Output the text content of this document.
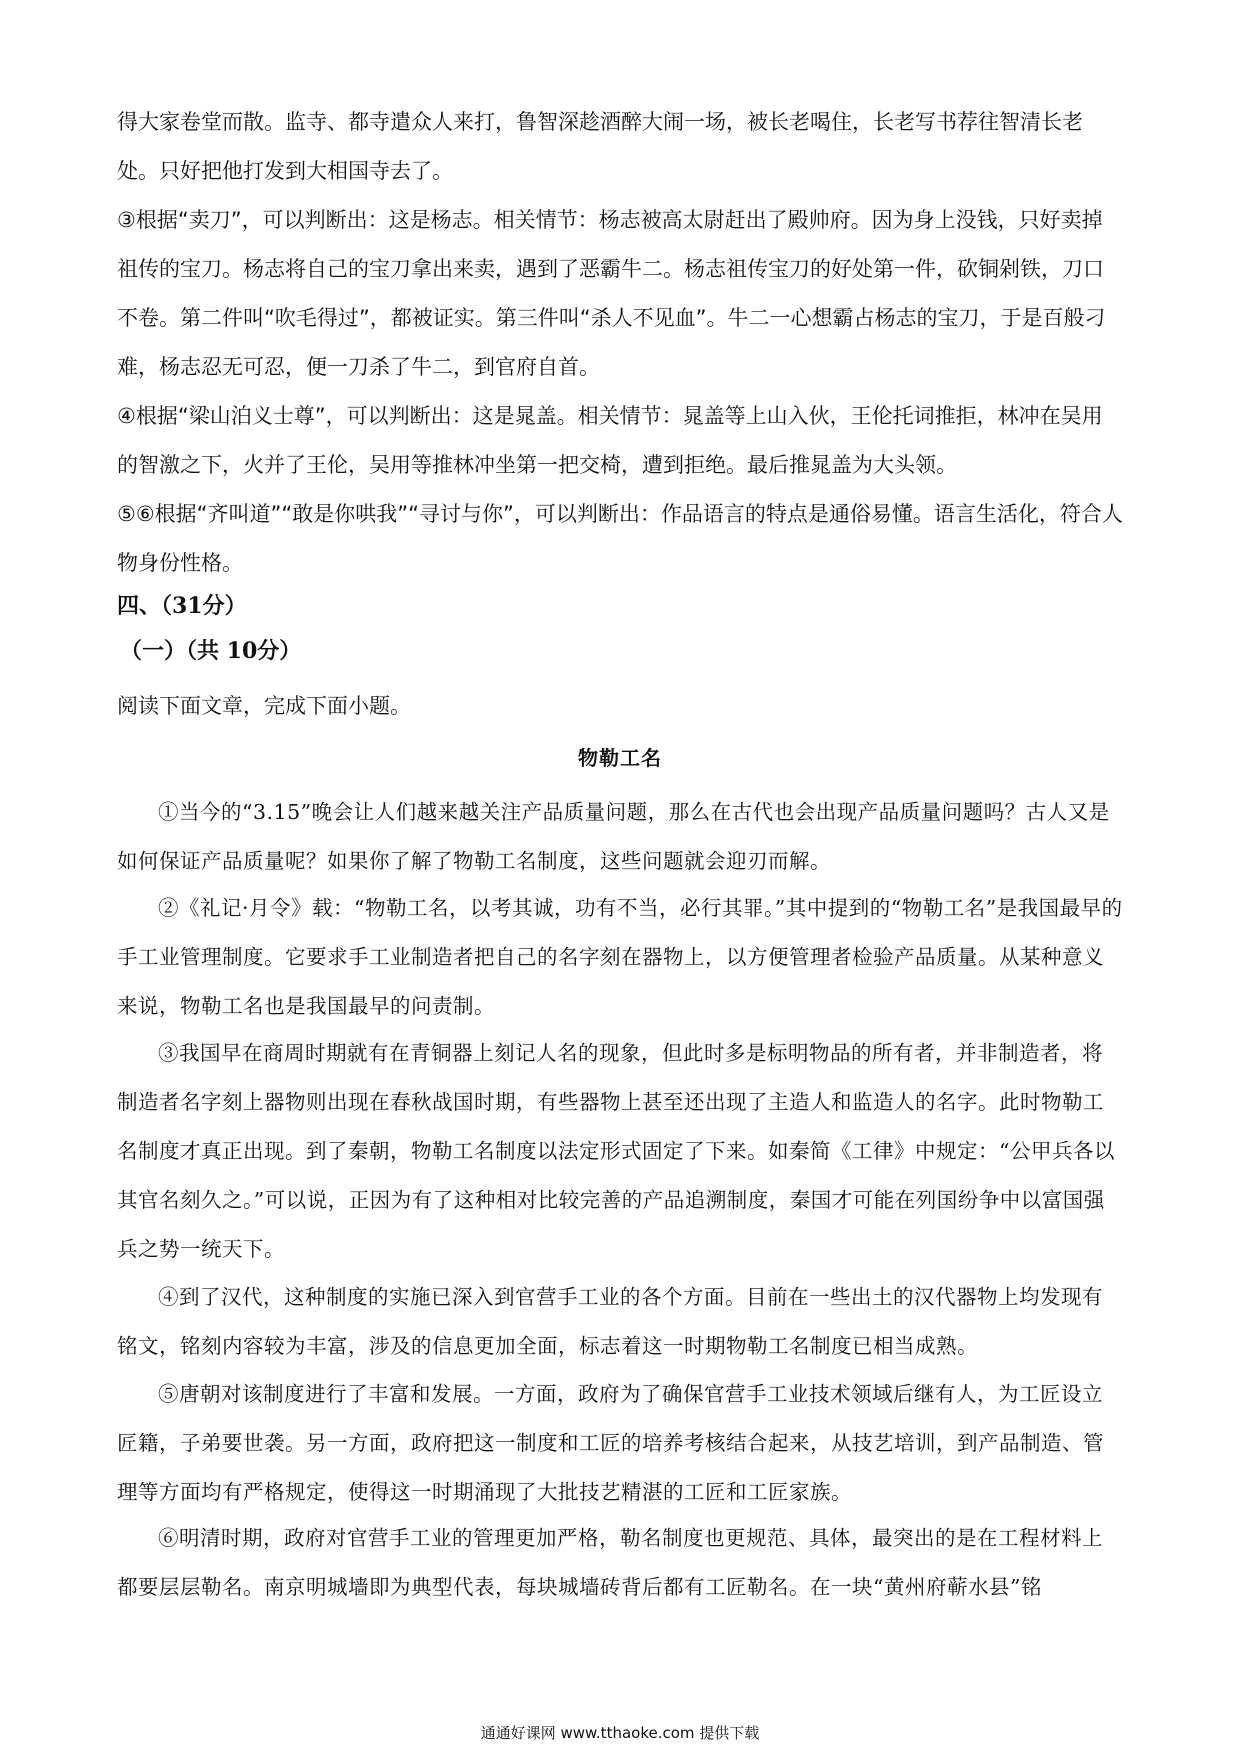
得大家卷堂而散。监寺、都寺遣众人来打，鲁智深趁酒醉大闹一场，被长老喝住，长老写书荐往智清长老处。只好把他打发到大相国寺去了。

③根据“卖刀”，可以判断出：这是杨志。相关情节：杨志被高太尉赶出了殿帅府。因为身上没钱，只好卖掉祖传的宝刀。杨志将自己的宝刀拿出来卖，遇到了恶霸牛二。杨志祖传宝刀的好处第一件，砍铜剁铁，刀口不卷。第二件叫“吹毛得过”，都被证实。第三件叫“杀人不见血”。牛二一心想霸占杨志的宝刀，于是百般刁难，杨志忍无可忍，便一刀杀了牛二，到官府自首。

④根据“梁山泊义士尊”，可以判断出：这是晁盖。相关情节：晁盖等上山入伙，王伦托词推拒，林冲在吴用的智激之下，火并了王伦，吴用等推林冲坐第一把交椅，遭到拒绝。最后推晁盖为大头领。

⑤⑥根据“齐叫道”“敢是你哄我”“寻讨与你”，可以判断出：作品语言的特点是通俗易懂。语言生活化，符合人物身份性格。

四、（31分）
（一）（共 10分）

阅读下面文章，完成下面小题。

物勒工名

①当今的“3.15”晚会让人们越来越关注产品质量问题，那么在古代也会出现产品质量问题吗？古人又是如何保证产品质量呢？如果你了解了物勒工名制度，这些问题就会迎刃而解。

②《礼记·月令》载：“物勒工名，以考其诚，功有不当，必行其罪。”其中提到的“物勒工名”是我国最早的手工业管理制度。它要求手工业制造者把自己的名字刻在器物上，以方便管理者检验产品质量。从某种意义来说，物勒工名也是我国最早的问责制。

③我国早在商周时期就有在青铜器上刻记人名的现象，但此时多是标明物品的所有者，并非制造者，将制造者名字刻上器物则出现在春秋战国时期，有些器物上甚至还出现了主造人和监造人的名字。此时物勒工名制度才真正出现。到了秦朝，物勒工名制度以法定形式固定了下来。如秦简《工律》中规定：“公甲兵各以其官名刻久之。”可以说，正因为有了这种相对比较完善的产品追溯制度，秦国才可能在列国纷争中以富国强兵之势一统天下。

④到了汉代，这种制度的实施已深入到官营手工业的各个方面。目前在一些出土的汉代器物上均发现有铭文，铭刻内容较为丰富，涉及的信息更加全面，标志着这一时期物勒工名制度已相当成熟。

⑤唐朝对该制度进行了丰富和发展。一方面，政府为了确保官营手工业技术领域后继有人，为工匠设立匠籍，子弟要世袭。另一方面，政府把这一制度和工匠的培养考核结合起来，从技艺培训，到产品制造、管理等方面均有严格规定，使得这一时期涌现了大批技艺精湛的工匠和工匠家族。

⑥明清时期，政府对官营手工业的管理更加严格，勒名制度也更规范、具体，最突出的是在工程材料上都要层层勒名。南京明城墙即为典型代表，每块城墙砖背后都有工匠勒名。在一块“黄州府蕲水县”铭

通通好课网 www.tthaoke.com 提供下载
